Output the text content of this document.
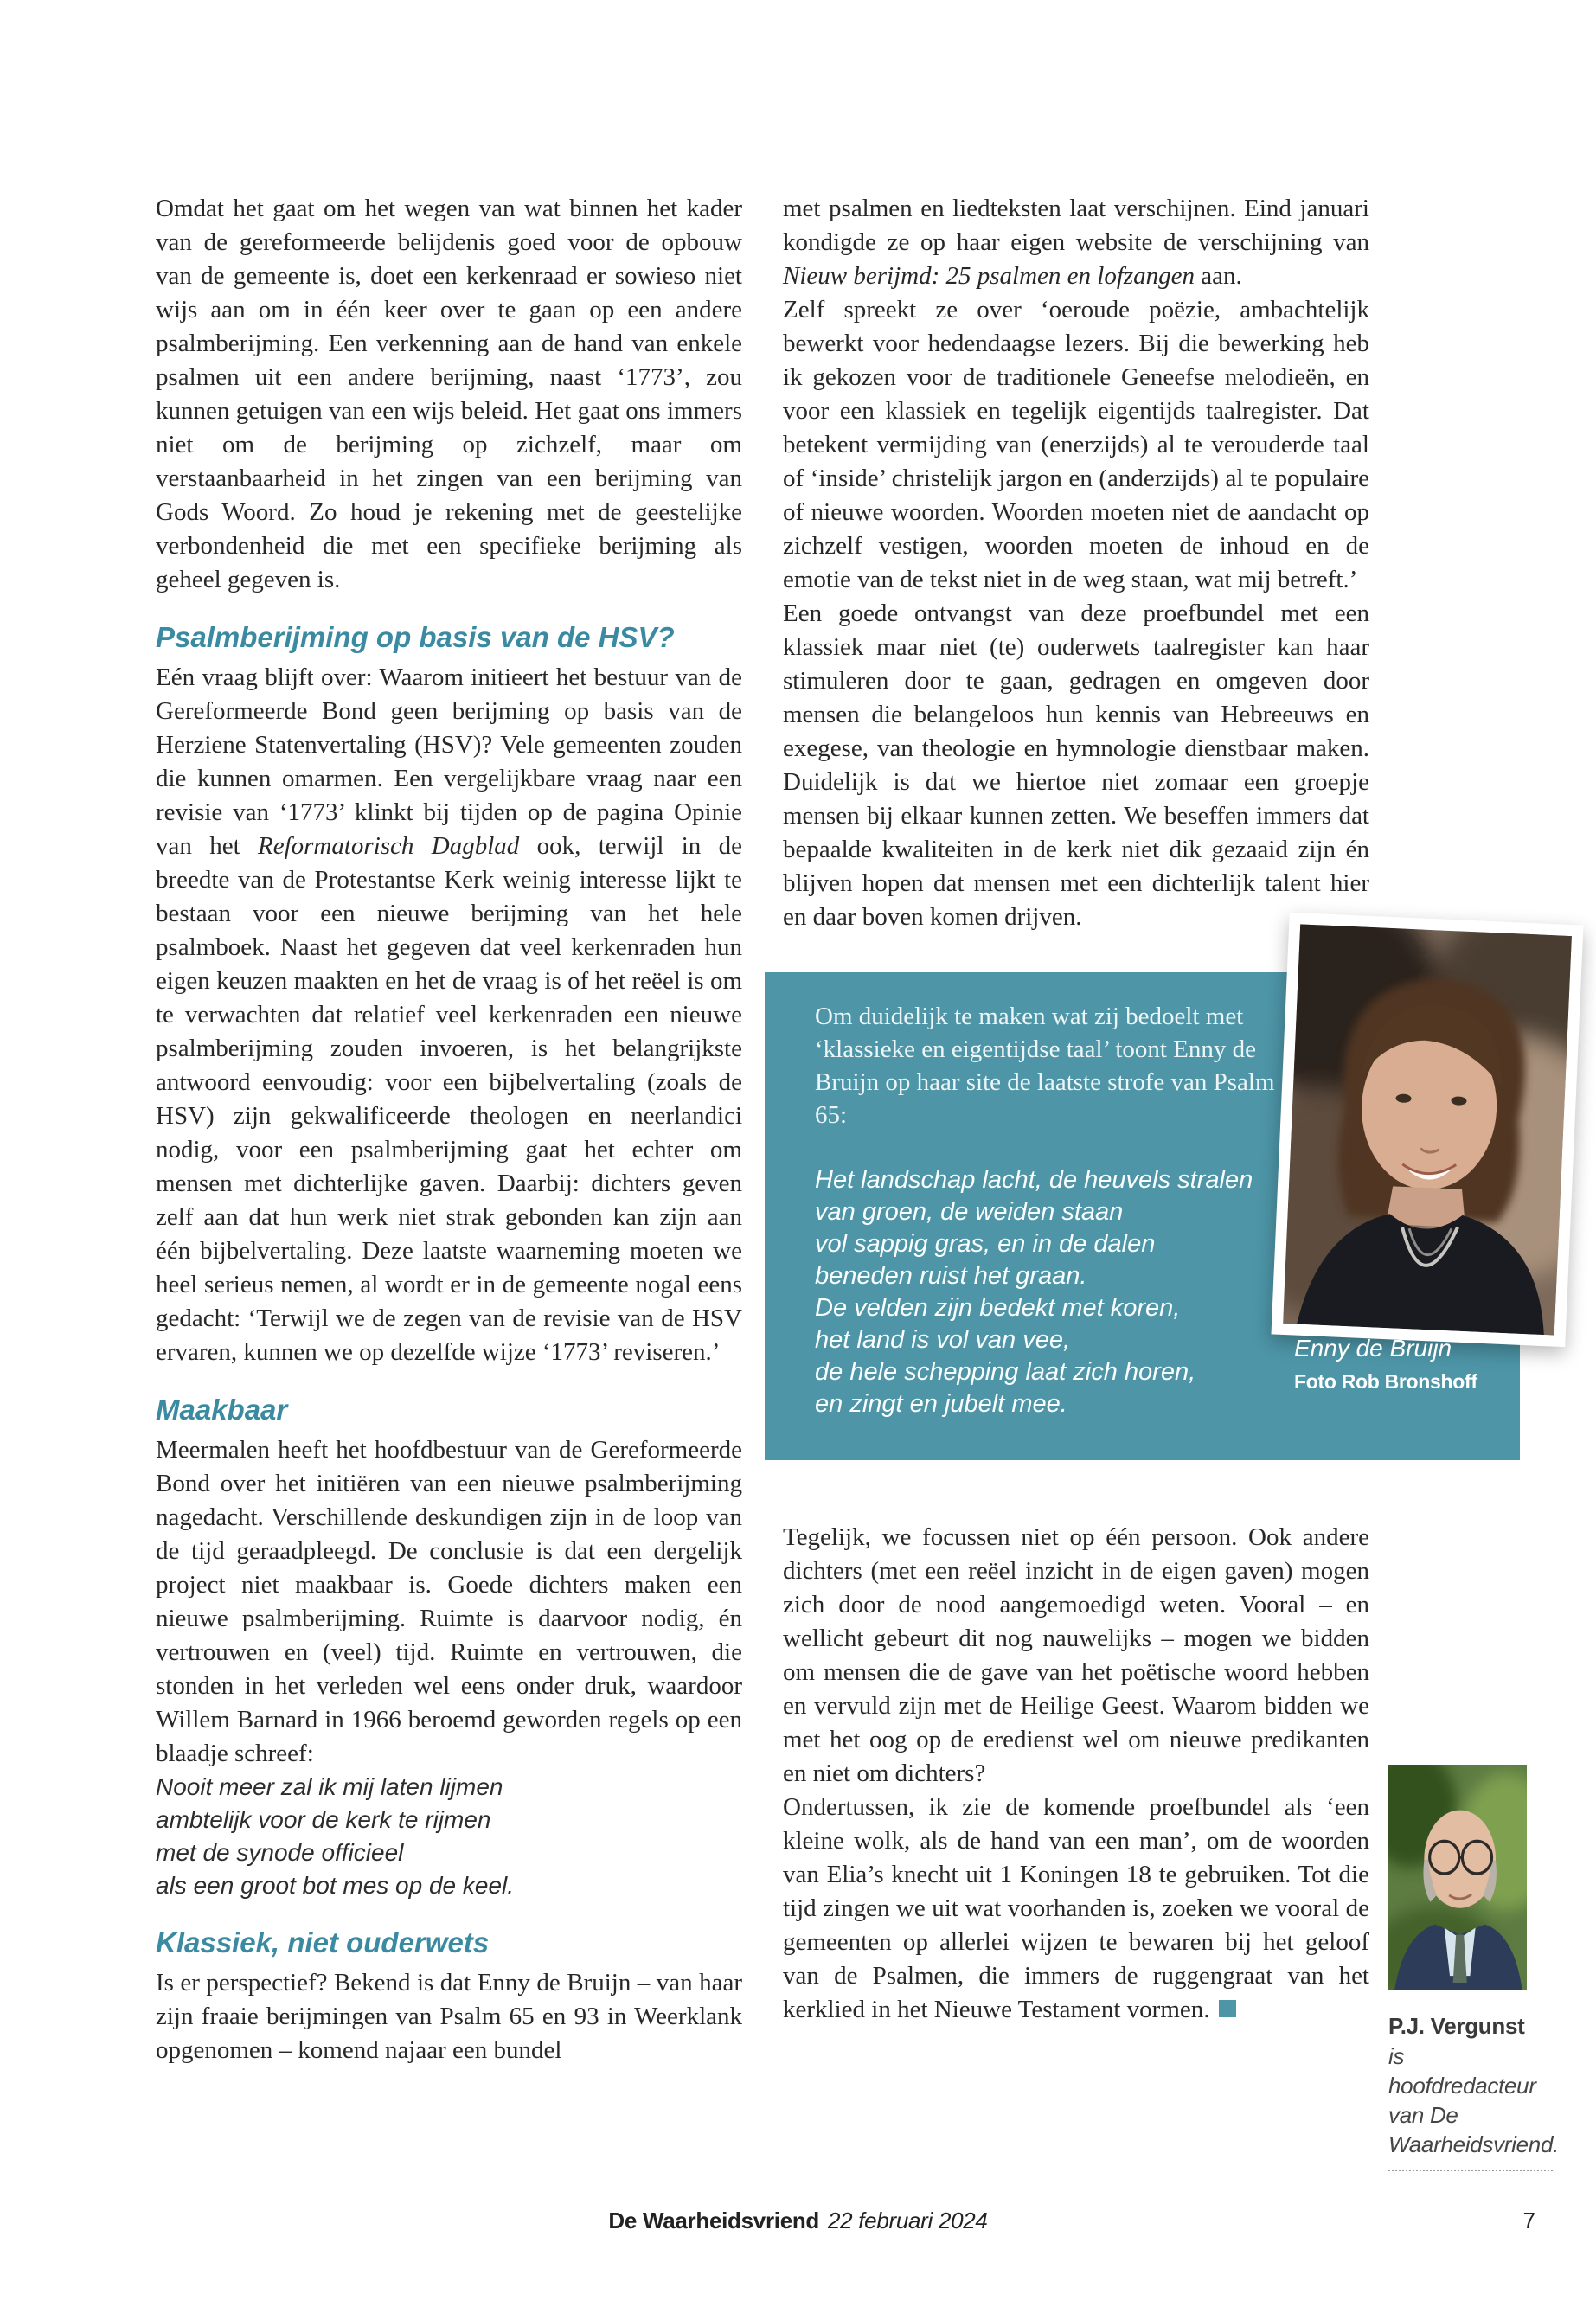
Omdat het gaat om het wegen van wat binnen het kader van de gereformeerde belijdenis goed voor de opbouw van de gemeente is, doet een kerkenraad er sowieso niet wijs aan om in één keer over te gaan op een andere psalmberijming. Een verkenning aan de hand van enkele psalmen uit een andere berijming, naast ‘1773’, zou kunnen getuigen van een wijs beleid. Het gaat ons immers niet om de berijming op zichzelf, maar om verstaanbaarheid in het zingen van een berijming van Gods Woord. Zo houd je rekening met de geestelijke verbondenheid die met een specifieke berijming als geheel gegeven is.

Psalmberijming op basis van de HSV?

Eén vraag blijft over: Waarom initieert het bestuur van de Gereformeerde Bond geen berijming op basis van de Herziene Statenvertaling (HSV)? Vele gemeenten zouden die kunnen omarmen. Een vergelijkbare vraag naar een revisie van ‘1773’ klinkt bij tijden op de pagina Opinie van het Reformatorisch Dagblad ook, terwijl in de breedte van de Protestantse Kerk weinig interesse lijkt te bestaan voor een nieuwe berijming van het hele psalmboek. Naast het gegeven dat veel kerkenraden hun eigen keuzen maakten en het de vraag is of het reëel is om te verwachten dat relatief veel kerkenraden een nieuwe psalmberijming zouden invoeren, is het belangrijkste antwoord eenvoudig: voor een bijbelvertaling (zoals de HSV) zijn gekwalificeerde theologen en neerlandici nodig, voor een psalmberijming gaat het echter om mensen met dichterlijke gaven. Daarbij: dichters geven zelf aan dat hun werk niet strak gebonden kan zijn aan één bijbelvertaling. Deze laatste waarneming moeten we heel serieus nemen, al wordt er in de gemeente nogal eens gedacht: ‘Terwijl we de zegen van de revisie van de HSV ervaren, kunnen we op dezelfde wijze ‘1773’ reviseren.’

Maakbaar

Meermalen heeft het hoofdbestuur van de Gereformeerde Bond over het initiëren van een nieuwe psalmberijming nagedacht. Verschillende deskundigen zijn in de loop van de tijd geraadpleegd. De conclusie is dat een dergelijk project niet maakbaar is. Goede dichters maken een nieuwe psalmberijming. Ruimte is daarvoor nodig, én vertrouwen en (veel) tijd. Ruimte en vertrouwen, die stonden in het verleden wel eens onder druk, waardoor Willem Barnard in 1966 beroemd geworden regels op een blaadje schreef:

Nooit meer zal ik mij laten lijmen
ambtelijk voor de kerk te rijmen
met de synode officieel
als een groot bot mes op de keel.
Klassiek, niet ouderwets

Is er perspectief? Bekend is dat Enny de Bruijn – van haar zijn fraaie berijmingen van Psalm 65 en 93 in Weerklank opgenomen – komend najaar een bundel

met psalmen en liedteksten laat verschijnen. Eind januari kondigde ze op haar eigen website de verschijning van Nieuw berijmd: 25 psalmen en lofzangen aan.

Zelf spreekt ze over ‘oeroude poëzie, ambachtelijk bewerkt voor hedendaagse lezers. Bij die bewerking heb ik gekozen voor de traditionele Geneefse melodieën, en voor een klassiek en tegelijk eigentijds taalregister. Dat betekent vermijding van (enerzijds) al te verouderde taal of ‘inside’ christelijk jargon en (anderzijds) al te populaire of nieuwe woorden. Woorden moeten niet de aandacht op zichzelf vestigen, woorden moeten de inhoud en de emotie van de tekst niet in de weg staan, wat mij betreft.’

Een goede ontvangst van deze proefbundel met een klassiek maar niet (te) ouderwets taalregister kan haar stimuleren door te gaan, gedragen en omgeven door mensen die belangeloos hun kennis van Hebreeuws en exegese, van theologie en hymnologie dienstbaar maken. Duidelijk is dat we hiertoe niet zomaar een groepje mensen bij elkaar kunnen zetten. We beseffen immers dat bepaalde kwaliteiten in de kerk niet dik gezaaid zijn én blijven hopen dat mensen met een dichterlijk talent hier en daar boven komen drijven.

Om duidelijk te maken wat zij bedoelt met ‘klassieke en eigentijdse taal’ toont Enny de Bruijn op haar site de laatste strofe van Psalm 65:

Het landschap lacht, de heuvels stralen
van groen, de weiden staan
vol sappig gras, en in de dalen
beneden ruist het graan.
De velden zijn bedekt met koren,
het land is vol van vee,
de hele schepping laat zich horen,
en zingt en jubelt mee.
Enny de Bruijn
Foto Rob Bronshoff

Tegelijk, we focussen niet op één persoon. Ook andere dichters (met een reëel inzicht in de eigen gaven) mogen zich door de nood aangemoedigd weten. Vooral – en wellicht gebeurt dit nog nauwelijks – mogen we bidden om mensen die de gave van het poëtische woord hebben en vervuld zijn met de Heilige Geest. Waarom bidden we met het oog op de eredienst wel om nieuwe predikanten en niet om dichters?

Ondertussen, ik zie de komende proefbundel als ‘een kleine wolk, als de hand van een man’, om de woorden van Elia’s knecht uit 1 Koningen 18 te gebruiken. Tot die tijd zingen we uit wat voorhanden is, zoeken we vooral de gemeenten op allerlei wijzen te bewaren bij het geloof van de Psalmen, die immers de ruggengraat van het kerklied in het Nieuwe Testament vormen.

P.J. Vergunst
is hoofdredacteur van De Waarheidsvriend.
De Waarheidsvriend 22 februari 2024	7
